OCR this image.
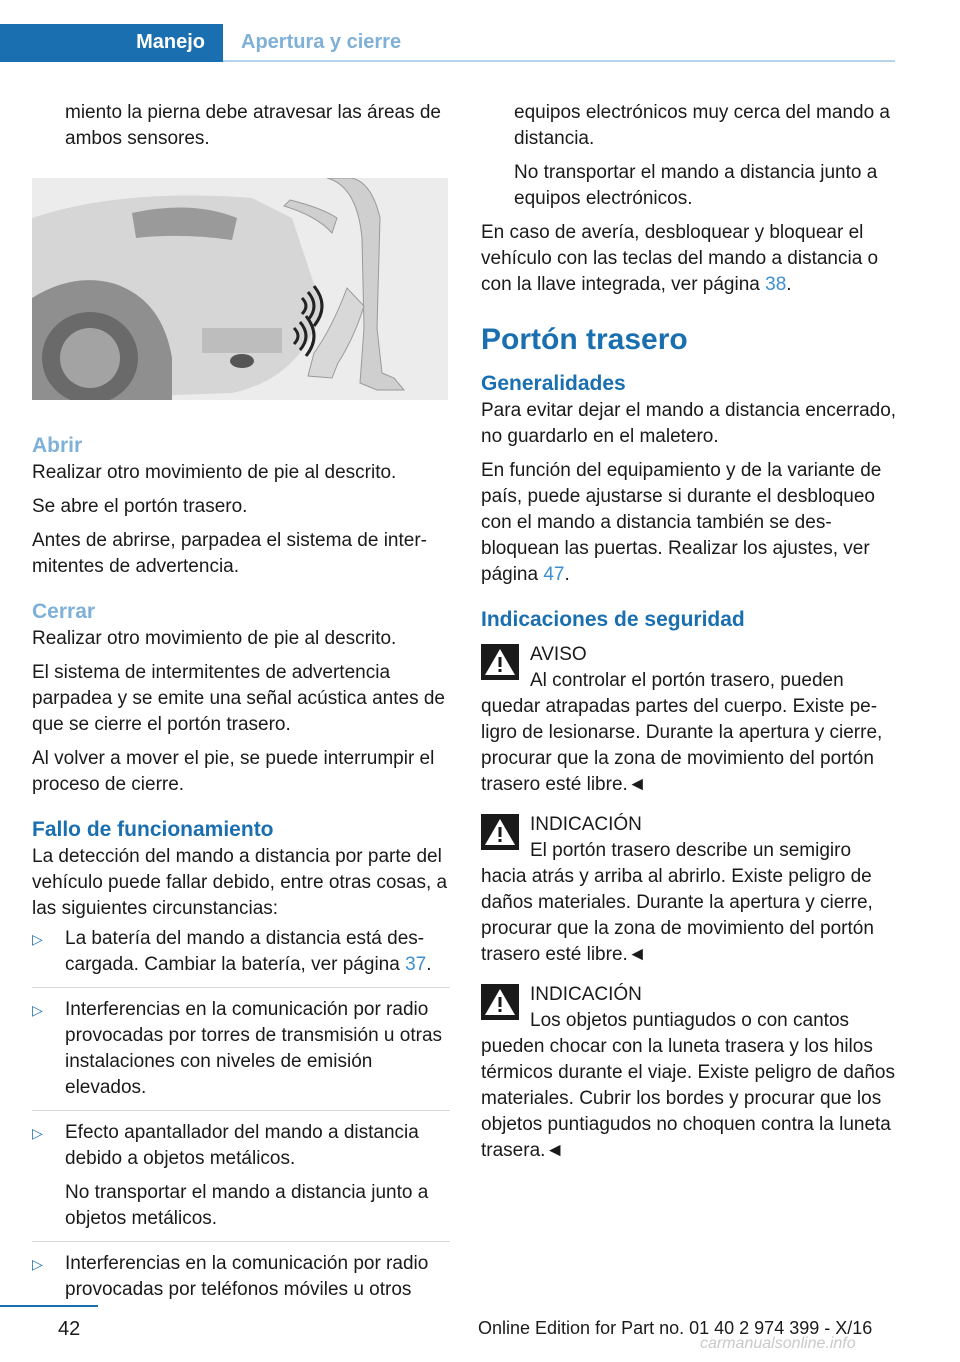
Manejo Apertura y cierre

miento la pierna debe atravesar las áreas de ambos sensores.

Abrir

Realizar otro movimiento de pie al descrito.

Se abre el portón trasero.

Antes de abrirse, parpadea el sistema de intermitentes de advertencia.

Cerrar

Realizar otro movimiento de pie al descrito.

El sistema de intermitentes de advertencia parpadea y se emite una señal acústica antes de que se cierre el portón trasero.

Al volver a mover el pie, se puede interrumpir el proceso de cierre.

Fallo de funcionamiento

La detección del mando a distancia por parte del vehículo puede fallar debido, entre otras cosas, a las siguientes circunstancias:

▷ La batería del mando a distancia está descargada. Cambiar la batería, ver página 37.
▷ Interferencias en la comunicación por radio provocadas por torres de transmisión u otras instalaciones con niveles de emisión elevados.
▷ Efecto apantallador del mando a distancia debido a objetos metálicos.
No transportar el mando a distancia junto a objetos metálicos.
▷ Interferencias en la comunicación por radio provocadas por teléfonos móviles u otros

equipos electrónicos muy cerca del mando a distancia.

No transportar el mando a distancia junto a equipos electrónicos.

En caso de avería, desbloquear y bloquear el vehículo con las teclas del mando a distancia o con la llave integrada, ver página 38.

Portón trasero
Generalidades

Para evitar dejar el mando a distancia encerrado, no guardarlo en el maletero.

En función del equipamiento y de la variante de país, puede ajustarse si durante el desbloqueo con el mando a distancia también se desbloquean las puertas. Realizar los ajustes, ver página 47.

Indicaciones de seguridad
AVISO
Al controlar el portón trasero, pueden
quedar atrapadas partes del cuerpo. Existe peligro de lesionarse. Durante la apertura y cierre, procurar que la zona de movimiento del portón trasero esté libre.◄
INDICACIÓN
El portón trasero describe un semigiro
hacia atrás y arriba al abrirlo. Existe peligro de daños materiales. Durante la apertura y cierre, procurar que la zona de movimiento del portón trasero esté libre.◄
INDICACIÓN
Los objetos puntiagudos o con cantos
pueden chocar con la luneta trasera y los hilos térmicos durante el viaje. Existe peligro de daños materiales. Cubrir los bordes y procurar que los objetos puntiagudos no choquen contra la luneta trasera.◄
42	Online Edition for Part no. 01 40 2 974 399 - X/16
carmanualsonline.info
